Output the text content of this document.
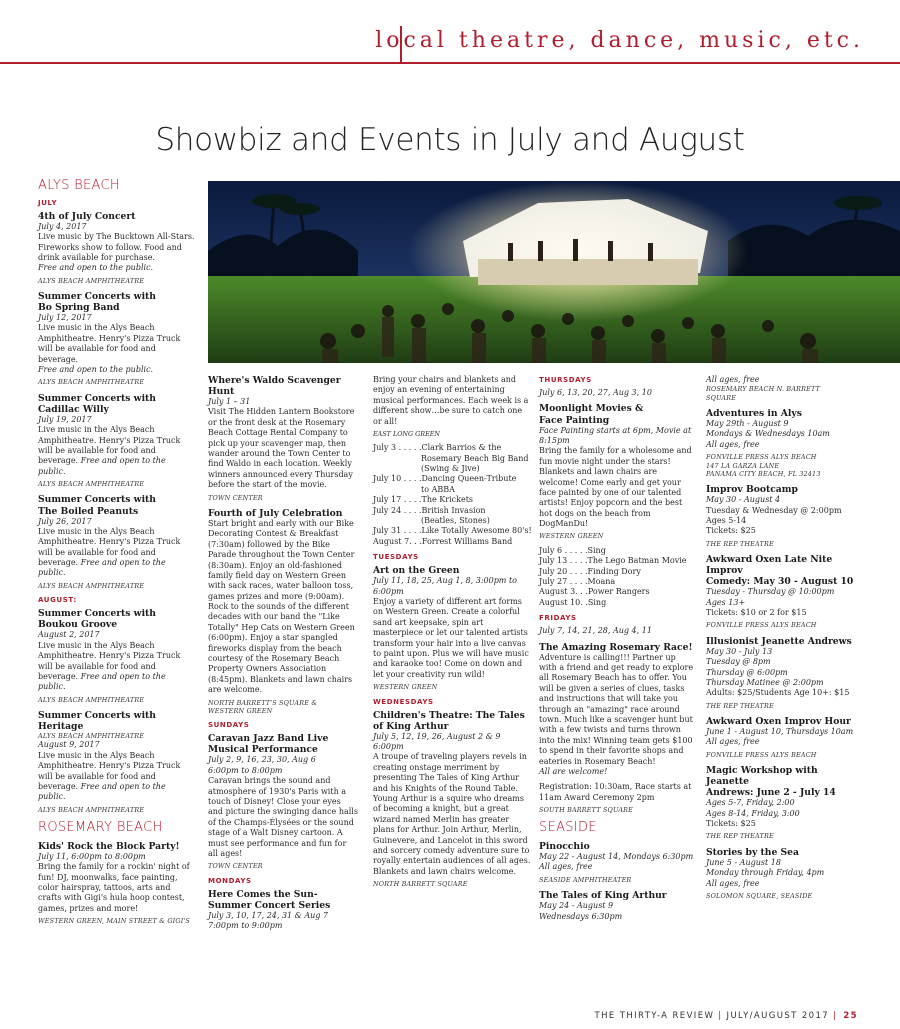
local theatre, dance, music, etc.
Showbiz and Events in July and August
ALYS BEACH
JULY
4th of July Concert
July 4, 2017

Live music by The Bucktown All-Stars. Fireworks show to follow. Food and drink available for purchase.

Free and open to the public.

ALYS BEACH AMPHITHEATRE
Summer Concerts with
Bo Spring Band
July 12, 2017

Live music in the Alys Beach Amphitheatre. Henry's Pizza Truck will be available for food and beverage.

Free and open to the public.

ALYS BEACH AMPHITHEATRE
Summer Concerts with
Cadillac Willy
July 19, 2017

Live music in the Alys Beach Amphitheatre. Henry's Pizza Truck will be available for food and beverage. Free and open to the public.

ALYS BEACH AMPHITHEATRE
Summer Concerts with
The Boiled Peanuts
July 26, 2017

Live music in the Alys Beach Amphitheatre. Henry's Pizza Truck will be available for food and beverage. Free and open to the public.

ALYS BEACH AMPHITHEATRE
AUGUST:
Summer Concerts with
Boukou Groove
August 2, 2017

Live music in the Alys Beach Amphitheatre. Henry's Pizza Truck will be available for food and beverage. Free and open to the public.

ALYS BEACH AMPHITHEATRE
Summer Concerts with Heritage
ALYS BEACH AMPHITHEATRE
August 9, 2017

Live music in the Alys Beach Amphitheatre. Henry's Pizza Truck will be available for food and beverage. Free and open to the public.

ALYS BEACH AMPHITHEATRE
ROSEMARY BEACH
Kids' Rock the Block Party!
July 11, 6:00pm to 8:00pm

Bring the family for a rockin' night of fun! DJ, moonwalks, face painting, color hairspray, tattoos, arts and crafts with Gigi's hula hoop contest, games, prizes and more!

WESTERN GREEN, MAIN STREET & GIGI'S
Where's Waldo Scavenger Hunt
July 1 – 31

Visit The Hidden Lantern Bookstore or the front desk at the Rosemary Beach Cottage Rental Company to pick up your scavenger map, then wander around the Town Center to find Waldo in each location. Weekly winners announced every Thursday before the start of the movie.

TOWN CENTER
Fourth of July Celebration

Start bright and early with our Bike Decorating Contest & Breakfast (7:30am) followed by the Bike Parade throughout the Town Center (8:30am). Enjoy an old-fashioned family field day on Western Green with sack races, water balloon toss, games prizes and more (9:00am). Rock to the sounds of the different decades with our band the "Like Totally" Hep Cats on Western Green (6:00pm). Enjoy a star spangled fireworks display from the beach courtesy of the Rosemary Beach Property Owners Association (8:45pm). Blankets and lawn chairs are welcome.

NORTH BARRETT'S SQUARE &
WESTERN GREEN
SUNDAYS
Caravan Jazz Band Live Musical Performance
July 2, 9, 16, 23, 30, Aug 6
6:00pm to 8:00pm

Caravan brings the sound and atmosphere of 1930's Paris with a touch of Disney! Close your eyes and picture the swinging dance halls of the Champs-Élysées or the sound stage of a Walt Disney cartoon. A must see performance and fun for all ages!

TOWN CENTER
MONDAYS
Here Comes the Sun-Summer Concert Series
July 3, 10, 17, 24, 31 & Aug 7
7:00pm to 9:00pm

Bring your chairs and blankets and enjoy an evening of entertaining musical performances. Each week is a different show…be sure to catch one or all!

EAST LONG GREEN
July 3 . . . . .Clark Barrios & the
Rosemary Beach Big Band
(Swing & Jive)
July 10 . . . .Dancing Queen-Tribute
to ABBA
July 17 . . . .The Krickets
July 24 . . . .British Invasion
(Beatles, Stones)
July 31 . . . .Like Totally Awesome 80's!
August 7. . .Forrest Williams Band
TUESDAYS
Art on the Green
July 11, 18, 25, Aug 1, 8, 3:00pm to 6:00pm

Enjoy a variety of different art forms on Western Green. Create a colorful sand art keepsake, spin art masterpiece or let our talented artists transform your hair into a live canvas to paint upon. Plus we will have music and karaoke too! Come on down and let your creativity run wild!

WESTERN GREEN
WEDNESDAYS
Children's Theatre: The Tales
of King Arthur
July 5, 12, 19, 26, August 2 & 9
6:00pm

A troupe of traveling players revels in creating onstage merriment by presenting The Tales of King Arthur and his Knights of the Round Table. Young Arthur is a squire who dreams of becoming a knight, but a great wizard named Merlin has greater plans for Arthur. Join Arthur, Merlin, Guinevere, and Lancelot in this sword and sorcery comedy adventure sure to royally entertain audiences of all ages. Blankets and lawn chairs welcome.

NORTH BARRETT SQUARE
THURSDAYS
July 6, 13, 20, 27, Aug 3, 10
Moonlight Movies &
Face Painting
Face Painting starts at 6pm, Movie at 8:15pm

Bring the family for a wholesome and fun movie night under the stars! Blankets and lawn chairs are welcome! Come early and get your face painted by one of our talented artists! Enjoy popcorn and the best hot dogs on the beach from DogManDu!

WESTERN GREEN
July 6 . . . . .Sing
July 13 . . . .The Lego Batman Movie
July 20 . . . .Finding Dory
July 27 . . . .Moana
August 3. . .Power Rangers
August 10. .Sing
FRIDAYS
July 7, 14, 21, 28, Aug 4, 11
The Amazing Rosemary Race!

Adventure is calling!!! Partner up with a friend and get ready to explore all Rosemary Beach has to offer. You will be given a series of clues, tasks and instructions that will take you through an "amazing" race around town. Much like a scavenger hunt but with a few twists and turns thrown into the mix! Winning team gets $100 to spend in their favorite shops and eateries in Rosemary Beach!

All are welcome!

Registration: 10:30am, Race starts at

11am Award Ceremony 2pm

SOUTH BARRETT SQUARE
SEASIDE
Pinocchio
May 22 - August 14, Mondays 6:30pm
All ages, free
SEASIDE AMPHITHEATER
The Tales of King Arthur
May 24 - August 9
Wednesdays 6:30pm
All ages, free
ROSEMARY BEACH N. BARRETT
SQUARE
Adventures in Alys
May 29th - August 9
Mondays & Wednesdays 10am
All ages, free
FONVILLE PRESS ALYS BEACH
147 LA GARZA LANE
PANAMA CITY BEACH, FL 32413
Improv Bootcamp
May 30 - August 4
Tuesday & Wednesday @ 2:00pm
Ages 5-14
Tickets: $25
THE REP THEATRE
Awkward Oxen Late Nite Improv
Comedy: May 30 - August 10
Tuesday - Thursday @ 10:00pm
Ages 13+
Tickets: $10 or 2 for $15
FONVILLE PRESS ALYS BEACH
Illusionist Jeanette Andrews
May 30 - July 13
Tuesday @ 8pm
Thursday @ 6:00pm
Thursday Matinee @ 2:00pm
Adults: $25/Students Age 10+: $15
THE REP THEATRE
Awkward Oxen Improv Hour
June 1 - August 10, Thursdays 10am
All ages, free
FONVILLE PRESS ALYS BEACH
Magic Workshop with Jeanette
Andrews: June 2 - July 14
Ages 5-7, Friday, 2:00
Ages 8-14, Friday, 3:00
Tickets: $25
THE REP THEATRE
Stories by the Sea
June 5 - August 18
Monday through Friday, 4pm
All ages, free
SOLOMON SQUARE, SEASIDE
THE THIRTY-A REVIEW | JULY/AUGUST 2017 | 25
